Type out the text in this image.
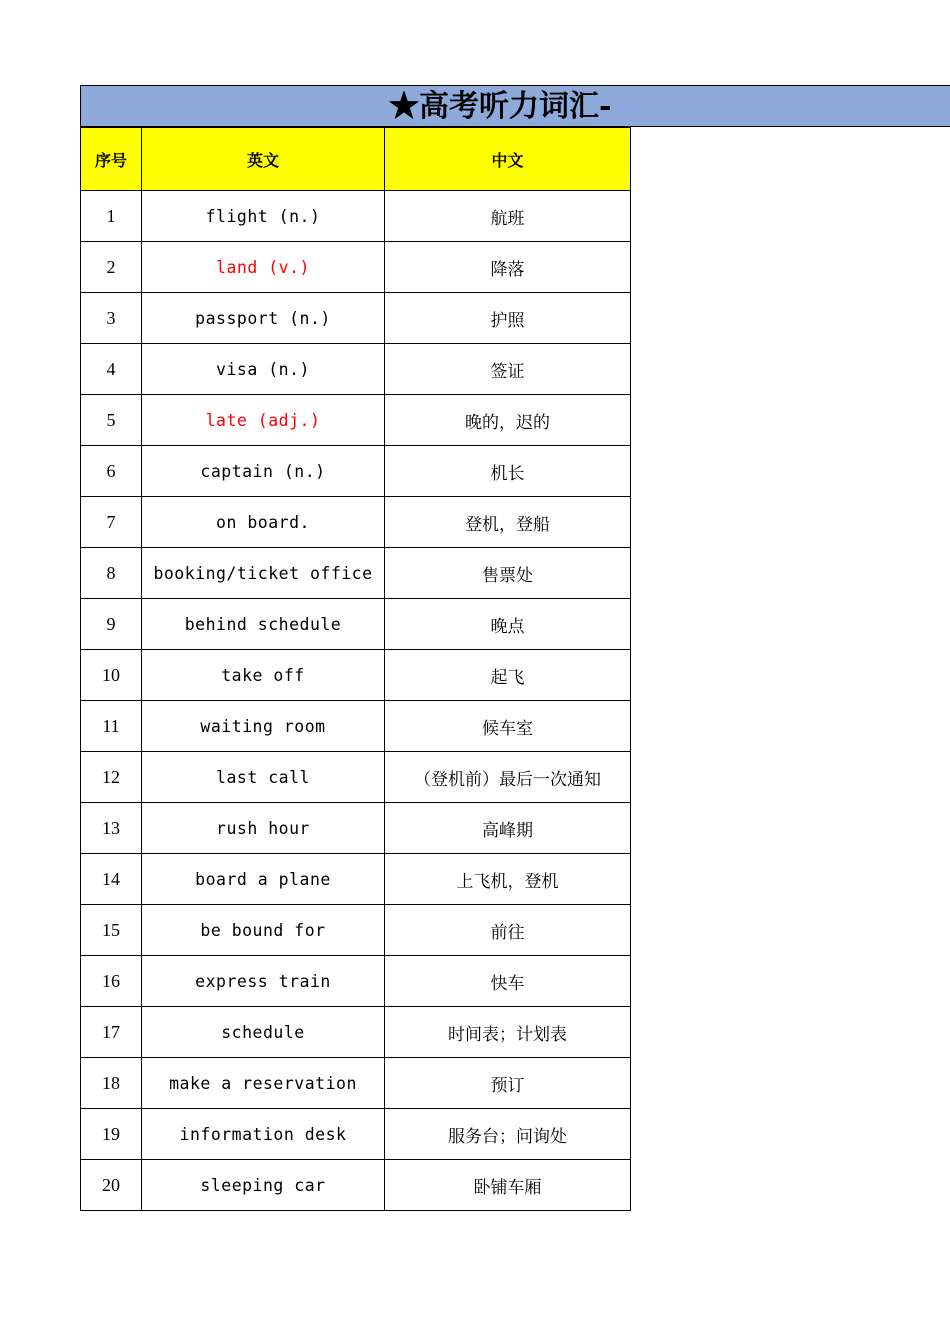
★高考听力词汇-
序号	英文	中文
1	flight (n.)	航班
2	land (v.)	降落
3	passport (n.)	护照
4	visa (n.)	签证
5	late (adj.)	晚的，迟的
6	captain (n.)	机长
7	on board.	登机，登船
8	booking/ticket office	售票处
9	behind schedule	晚点
10	take off	起飞
11	waiting room	候车室
12	last call	（登机前）最后一次通知
13	rush hour	高峰期
14	board a plane	上飞机，登机
15	be bound for	前往
16	express train	快车
17	schedule	时间表；计划表
18	make a reservation	预订
19	information desk	服务台；问询处
20	sleeping car	卧铺车厢
